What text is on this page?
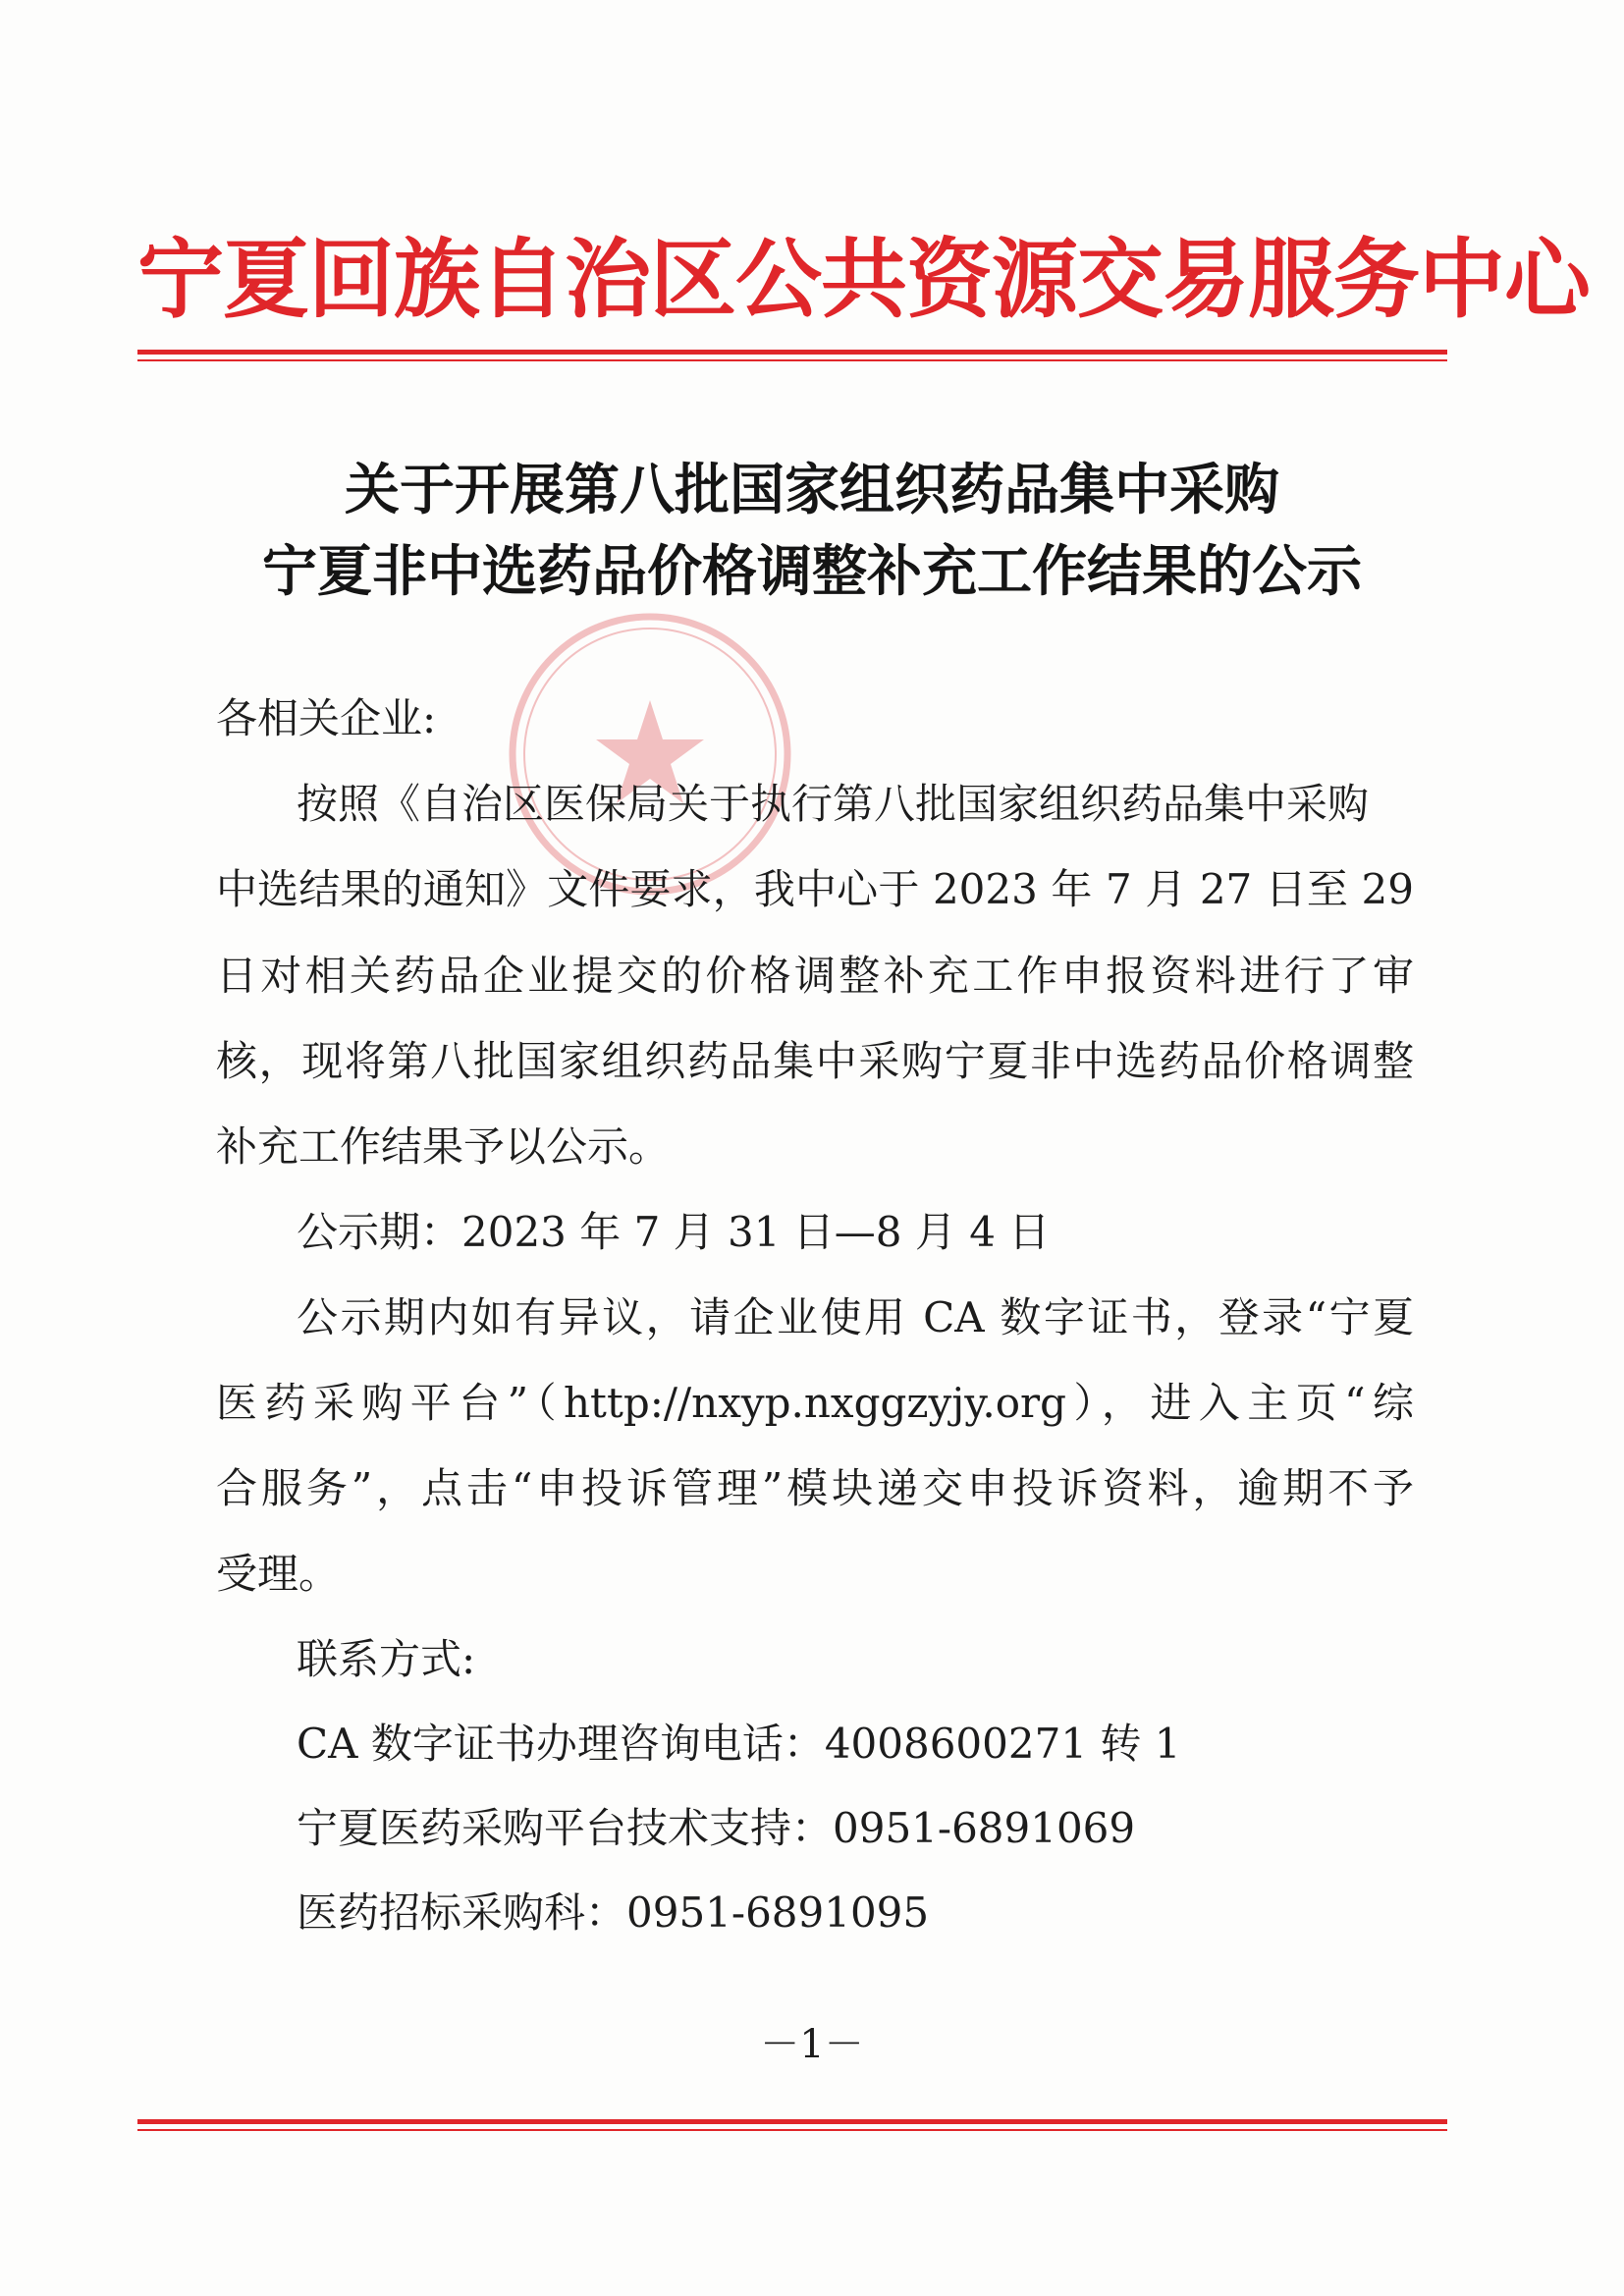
宁夏回族自治区公共资源交易服务中心
关于开展第八批国家组织药品集中采购
宁夏非中选药品价格调整补充工作结果的公示
各相关企业:
按照《自治区医保局关于执行第八批国家组织药品集中采购
中选结果的通知》文件要求，我中心于 2023 年 7 月 27 日至 29
日对相关药品企业提交的价格调整补充工作申报资料进行了审
核，现将第八批国家组织药品集中采购宁夏非中选药品价格调整
补充工作结果予以公示。
公示期：2023 年 7 月 31 日—8 月 4 日
公示期内如有异议，请企业使用 CA 数字证书，登录“宁夏
医药采购平台”（http://nxyp.nxggzyjy.org），进入主页“综
合服务”，点击“申投诉管理”模块递交申投诉资料，逾期不予
受理。
联系方式:
CA 数字证书办理咨询电话：4008600271 转 1
宁夏医药采购平台技术支持：0951-6891069
医药招标采购科：0951-6891095
－1－
